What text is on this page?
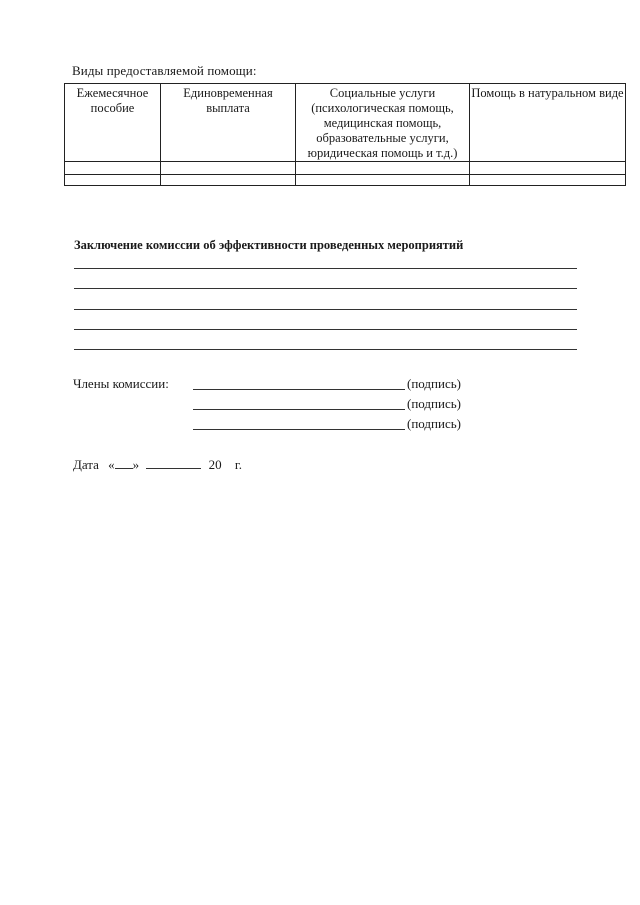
Виды предоставляемой помощи:
Ежемесячное пособие	Единовременная выплата	Социальные услуги (психологическая помощь, медицинская помощь, образовательные услуги, юридическая помощь и т.д.)	Помощь в натуральном виде

Заключение комиссии об эффективности проведенных мероприятий
Члены комиссии:	(подпись)
(подпись)
(подпись)
Дата « »	20 г.
